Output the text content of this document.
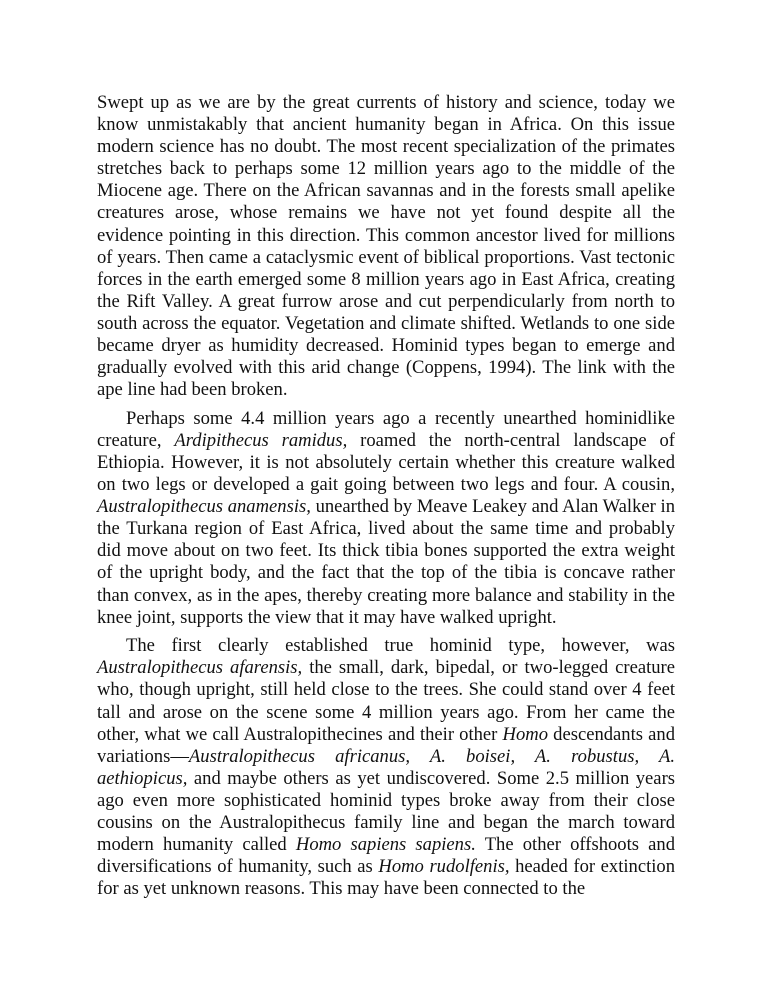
Swept up as we are by the great currents of history and science, today we know unmistakably that ancient humanity began in Africa. On this issue modern science has no doubt. The most recent specialization of the primates stretches back to perhaps some 12 million years ago to the middle of the Miocene age. There on the African savannas and in the forests small apelike creatures arose, whose remains we have not yet found despite all the evidence pointing in this direction. This common ancestor lived for millions of years. Then came a cataclysmic event of biblical proportions. Vast tectonic forces in the earth emerged some 8 million years ago in East Africa, creating the Rift Valley. A great furrow arose and cut perpendicularly from north to south across the equator. Vegetation and climate shifted. Wetlands to one side became dryer as humidity decreased. Hominid types began to emerge and gradually evolved with this arid change (Coppens, 1994). The link with the ape line had been broken.

Perhaps some 4.4 million years ago a recently unearthed hominidlike creature, Ardipithecus ramidus, roamed the north-central landscape of Ethiopia. However, it is not absolutely certain whether this creature walked on two legs or developed a gait going between two legs and four. A cousin, Australopithecus anamensis, unearthed by Meave Leakey and Alan Walker in the Turkana region of East Africa, lived about the same time and probably did move about on two feet. Its thick tibia bones supported the extra weight of the upright body, and the fact that the top of the tibia is concave rather than convex, as in the apes, thereby creating more balance and stability in the knee joint, supports the view that it may have walked upright.

The first clearly established true hominid type, however, was Australopithecus afarensis, the small, dark, bipedal, or two-legged creature who, though upright, still held close to the trees. She could stand over 4 feet tall and arose on the scene some 4 million years ago. From her came the other, what we call Australopithecines and their other Homo descendants and variations—Australopithecus africanus, A. boisei, A. robustus, A. aethiopicus, and maybe others as yet undiscovered. Some 2.5 million years ago even more sophisticated hominid types broke away from their close cousins on the Australopithecus family line and began the march toward modern humanity called Homo sapiens sapiens. The other offshoots and diversifications of humanity, such as Homo rudolfenis, headed for extinction for as yet unknown reasons. This may have been connected to the
